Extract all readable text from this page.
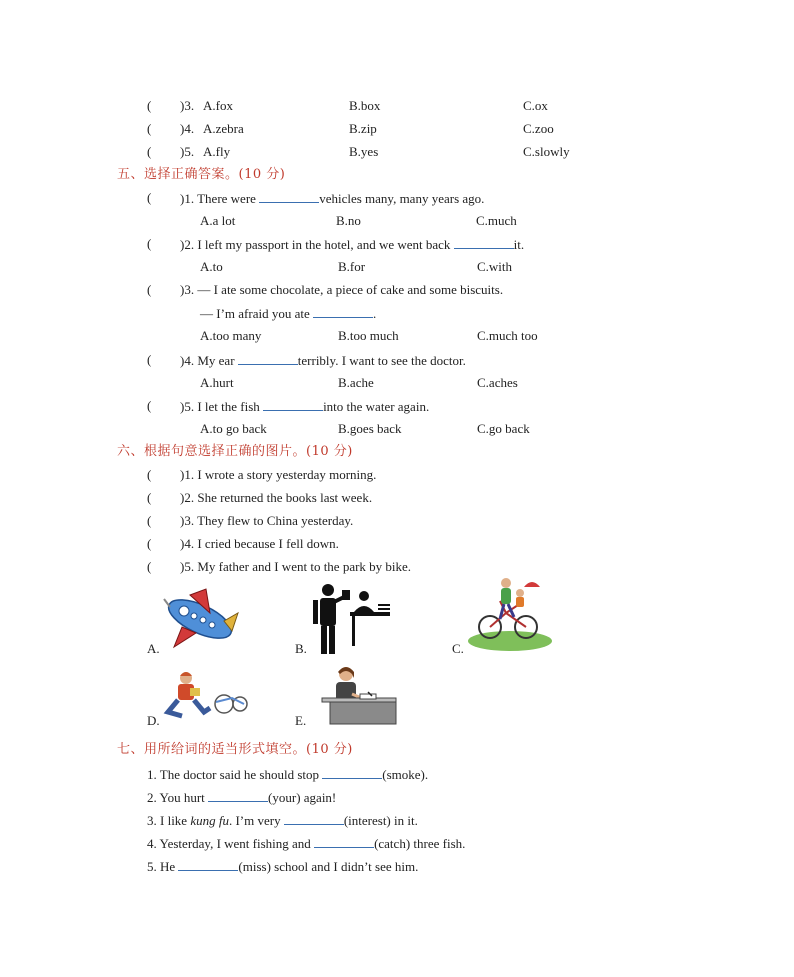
( )3. A.fox	B.box	C.ox
( )4. A.zebra	B.zip	C.zoo
( )5. A.fly	B.yes	C.slowly
五、选择正确答案。(10 分)
( )1. There were	vehicles many, many years ago.
A.a lot	B.no	C.much
( )2. I left my passport in the hotel, and we went back	it.
A.to	B.for	C.with
( )3. — I ate some chocolate, a piece of cake and some biscuits.
— I’m afraid you ate	.
A.too many	B.too much	C.much too
( )4. My ear	terribly. I want to see the doctor.
A.hurt	B.ache	C.aches
( )5. I let the fish	into the water again.
A.to go back	B.goes back	C.go back
六、根据句意选择正确的图片。(10 分)
( )1. I wrote a story yesterday morning.
( )2. She returned the books last week.
( )3. They flew to China yesterday.
( )4. I cried because I fell down.
( )5. My father and I went to the park by bike.
A.	B.	C.
D.	E.
七、用所给词的适当形式填空。(10 分)
1. The doctor said he should stop	(smoke).
2. You hurt	(your) again!
3. I like kung fu. I’m very	(interest) in it.
4. Yesterday, I went fishing and	(catch) three fish.
5. He	(miss) school and I didn’t see him.
